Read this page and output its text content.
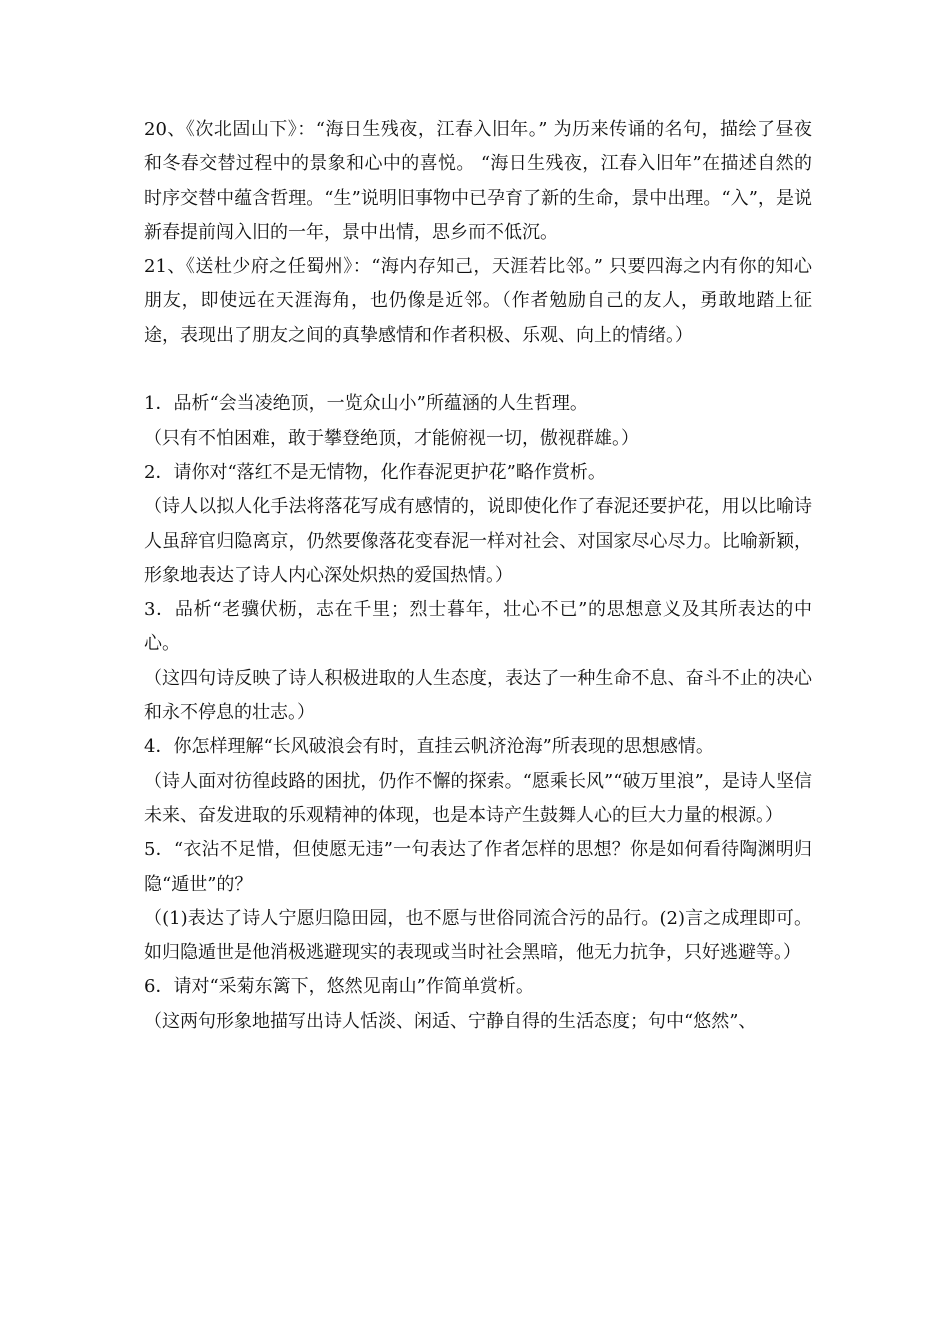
20、《次北固山下》：“海日生残夜，江春入旧年。” 为历来传诵的名句，描绘了昼夜和冬春交替过程中的景象和心中的喜悦。 “海日生残夜，江春入旧年”在描述自然的时序交替中蕴含哲理。“生”说明旧事物中已孕育了新的生命，景中出理。“入”，是说新春提前闯入旧的一年，景中出情，思乡而不低沉。

21、《送杜少府之任蜀州》：“海内存知己，天涯若比邻。” 只要四海之内有你的知心朋友，即使远在天涯海角，也仍像是近邻。（作者勉励自己的友人，勇敢地踏上征途，表现出了朋友之间的真挚感情和作者积极、乐观、向上的情绪。）

1．品析“会当凌绝顶，一览众山小”所蕴涵的人生哲理。

（只有不怕困难，敢于攀登绝顶，才能俯视一切，傲视群雄。）

2．请你对“落红不是无情物，化作春泥更护花”略作赏析。

（诗人以拟人化手法将落花写成有感情的，说即使化作了春泥还要护花，用以比喻诗人虽辞官归隐离京，仍然要像落花变春泥一样对社会、对国家尽心尽力。比喻新颖，形象地表达了诗人内心深处炽热的爱国热情。）

3．品析“老骥伏枥，志在千里；烈士暮年，壮心不已”的思想意义及其所表达的中心。

（这四句诗反映了诗人积极进取的人生态度，表达了一种生命不息、奋斗不止的决心和永不停息的壮志。）

4．你怎样理解“长风破浪会有时，直挂云帆济沧海”所表现的思想感情。

（诗人面对彷徨歧路的困扰，仍作不懈的探索。“愿乘长风”“破万里浪”，是诗人坚信未来、奋发进取的乐观精神的体现，也是本诗产生鼓舞人心的巨大力量的根源。）

5．“衣沾不足惜，但使愿无违”一句表达了作者怎样的思想？你是如何看待陶渊明归隐“遁世”的？

（(1)表达了诗人宁愿归隐田园，也不愿与世俗同流合污的品行。(2)言之成理即可。如归隐遁世是他消极逃避现实的表现或当时社会黑暗，他无力抗争，只好逃避等。）

6．请对“采菊东篱下，悠然见南山”作简单赏析。

（这两句形象地描写出诗人恬淡、闲适、宁静自得的生活态度；句中“悠然”、
